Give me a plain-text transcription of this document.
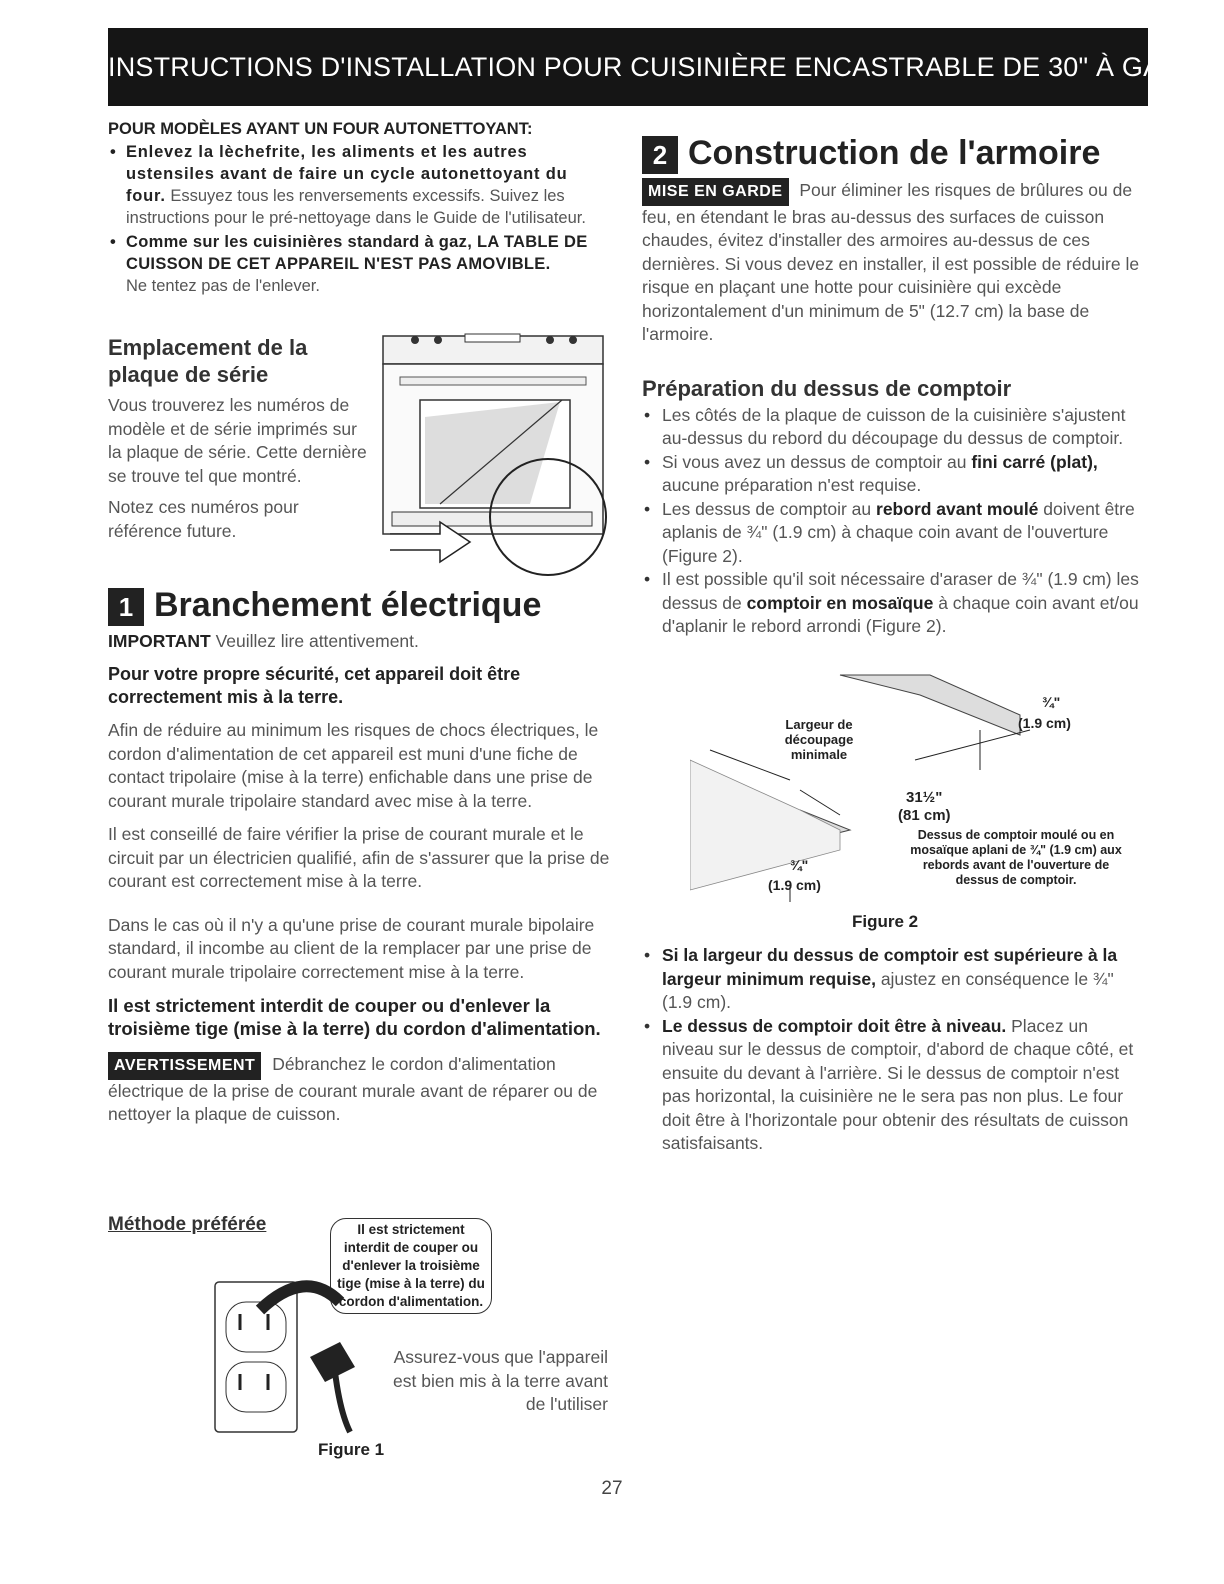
INSTRUCTIONS D'INSTALLATION POUR CUISINIÈRE ENCASTRABLE DE 30" À GAZ
POUR MODÈLES AYANT UN FOUR AUTONETTOYANT:
• Enlevez la lèchefrite, les aliments et les autres ustensiles avant de faire un cycle autonettoyant du four. Essuyez tous les renversements excessifs. Suivez les instructions pour le pré-nettoyage dans le Guide de l'utilisateur.
• Comme sur les cuisinières standard à gaz, LA TABLE DE CUISSON DE CET APPAREIL N'EST PAS AMOVIBLE.
Ne tentez pas de l'enlever.
Emplacement de la plaque de série

Vous trouverez les numéros de modèle et de série imprimés sur la plaque de série. Cette dernière se trouve tel que montré.

Notez ces numéros pour référence future.

1 Branchement électrique
IMPORTANT Veuillez lire attentivement.
Pour votre propre sécurité, cet appareil doit être correctement mis à la terre.

Afin de réduire au minimum les risques de chocs électriques, le cordon d'alimentation de cet appareil est muni d'une fiche de contact tripolaire (mise à la terre) enfichable dans une prise de courant murale tripolaire standard avec mise à la terre.

Il est conseillé de faire vérifier la prise de courant murale et le circuit par un électricien qualifié, afin de s'assurer que la prise de courant est correctement mise à la terre.

Dans le cas où il n'y a qu'une prise de courant murale bipolaire standard, il incombe au client de la remplacer par une prise de courant murale tripolaire correctement mise à la terre.

Il est strictement interdit de couper ou d'enlever la troisième tige (mise à la terre) du cordon d'alimentation.

AVERTISSEMENT Débranchez le cordon d'alimentation électrique de la prise de courant murale avant de réparer ou de nettoyer la plaque de cuisson.

Méthode préférée	Il est strictement interdit de couper ou d'enlever la troisième tige (mise à la terre) du cordon d'alimentation.
Assurez-vous que l'appareil est bien mis à la terre avant de l'utiliser
Figure 1
2 Construction de l'armoire

MISE EN GARDE Pour éliminer les risques de brûlures ou de feu, en étendant le bras au-dessus des surfaces de cuisson chaudes, évitez d'installer des armoires au-dessus de ces dernières. Si vous devez en installer, il est possible de réduire le risque en plaçant une hotte pour cuisinière qui excède horizontalement d'un minimum de 5" (12.7 cm) la base de l'armoire.

Préparation du dessus de comptoir
• Les côtés de la plaque de cuisson de la cuisinière s'ajustent au-dessus du rebord du découpage du dessus de comptoir.
• Si vous avez un dessus de comptoir au fini carré (plat), aucune préparation n'est requise.
• Les dessus de comptoir au rebord avant moulé doivent être aplanis de ¾" (1.9 cm) à chaque coin avant de l'ouverture (Figure 2).
• Il est possible qu'il soit nécessaire d'araser de ¾" (1.9 cm) les dessus de comptoir en mosaïque à chaque coin avant et/ou d'aplanir le rebord arrondi (Figure 2).
Largeur de découpage minimale
¾"
(1.9 cm)
31½"
(81 cm)
Dessus de comptoir moulé ou en mosaïque aplani de ¾" (1.9 cm) aux rebords avant de l'ouverture de dessus de comptoir.
¾"
(1.9 cm)
Figure 2
• Si la largeur du dessus de comptoir est supérieure à la largeur minimum requise, ajustez en conséquence le ¾" (1.9 cm).
• Le dessus de comptoir doit être à niveau. Placez un niveau sur le dessus de comptoir, d'abord de chaque côté, et ensuite du devant à l'arrière. Si le dessus de comptoir n'est pas horizontal, la cuisinière ne le sera pas non plus. Le four doit être à l'horizontale pour obtenir des résultats de cuisson satisfaisants.
27
